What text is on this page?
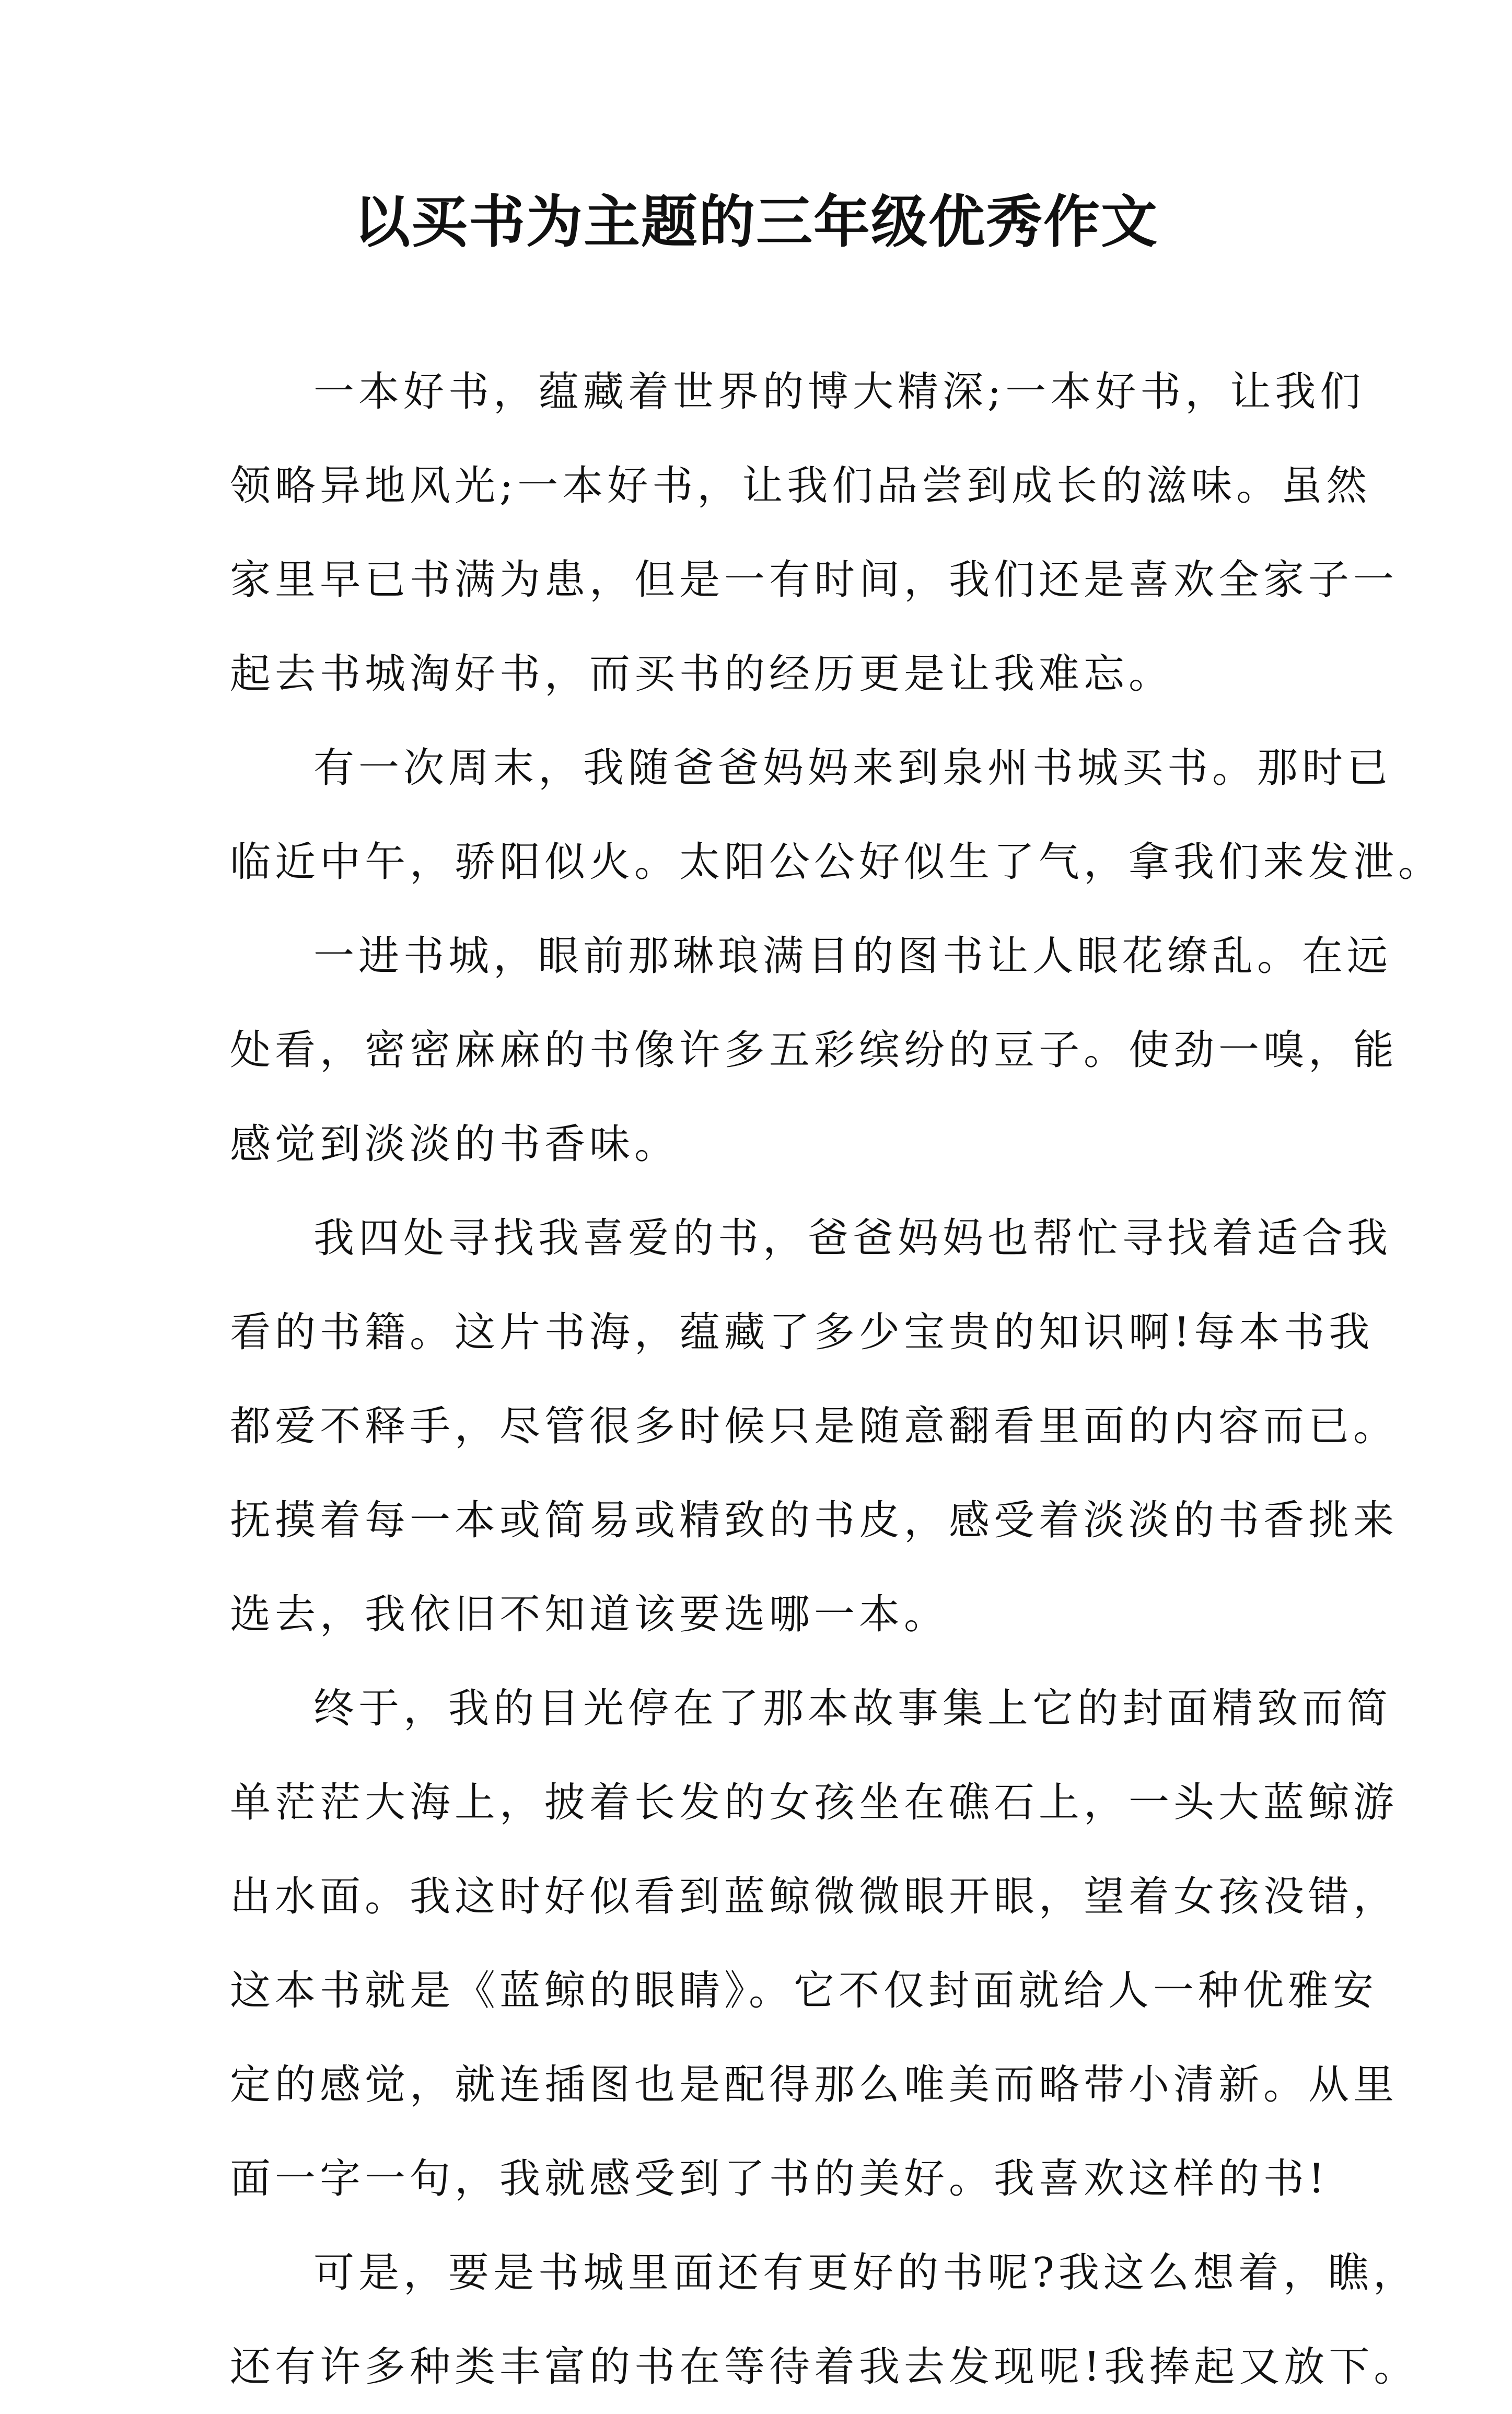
以买书为主题的三年级优秀作文
一本好书，蕴藏着世界的博大精深;一本好书，让我们
领略异地风光;一本好书，让我们品尝到成长的滋味。虽然
家里早已书满为患，但是一有时间，我们还是喜欢全家子一
起去书城淘好书，而买书的经历更是让我难忘。
有一次周末，我随爸爸妈妈来到泉州书城买书。那时已
临近中午，骄阳似火。太阳公公好似生了气，拿我们来发泄。
一进书城，眼前那琳琅满目的图书让人眼花缭乱。在远
处看，密密麻麻的书像许多五彩缤纷的豆子。使劲一嗅，能
感觉到淡淡的书香味。
我四处寻找我喜爱的书，爸爸妈妈也帮忙寻找着适合我
看的书籍。这片书海，蕴藏了多少宝贵的知识啊!每本书我
都爱不释手，尽管很多时候只是随意翻看里面的内容而已。
抚摸着每一本或简易或精致的书皮，感受着淡淡的书香挑来
选去，我依旧不知道该要选哪一本。
终于，我的目光停在了那本故事集上它的封面精致而简
单茫茫大海上，披着长发的女孩坐在礁石上，一头大蓝鲸游
出水面。我这时好似看到蓝鲸微微眼开眼，望着女孩没错，
这本书就是《蓝鲸的眼睛》。它不仅封面就给人一种优雅安
定的感觉，就连插图也是配得那么唯美而略带小清新。从里
面一字一句，我就感受到了书的美好。我喜欢这样的书!
可是，要是书城里面还有更好的书呢?我这么想着，瞧，
还有许多种类丰富的书在等待着我去发现呢!我捧起又放下。
